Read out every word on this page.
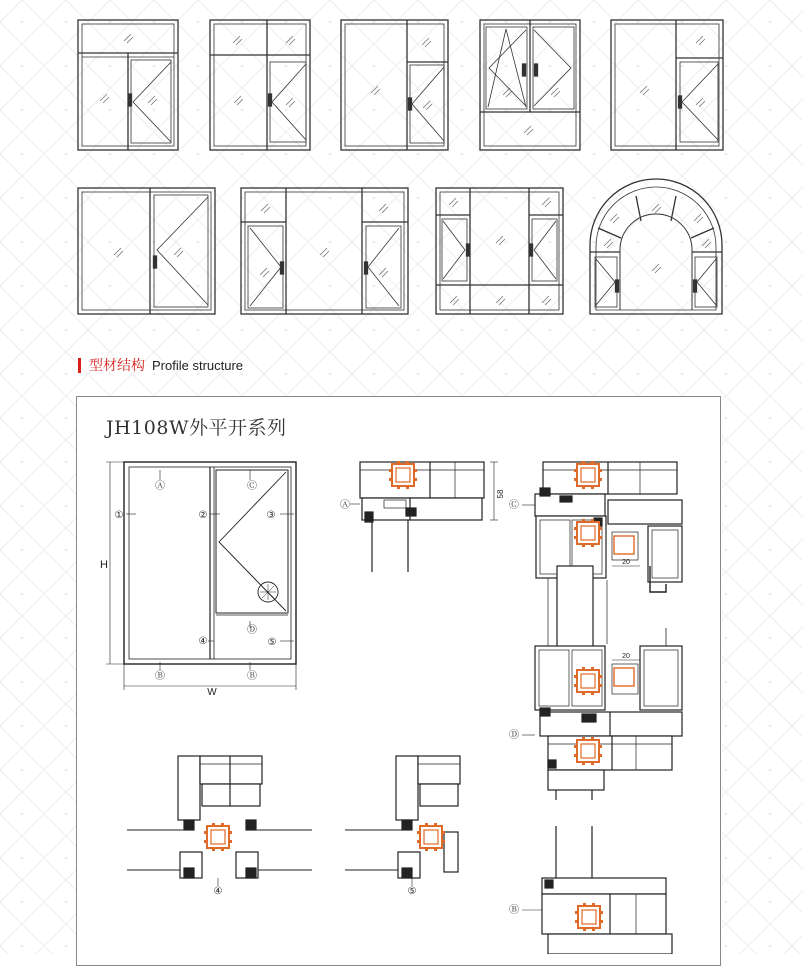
型材结构 Profile structure
JH108W外平开系列
H
W
Ⓐ	Ⓒ
①	②	③
④
Ⓓ
⑤
Ⓑ	Ⓑ
58
Ⓐ
20
20
Ⓒ
Ⓓ
Ⓑ
④	⑤
